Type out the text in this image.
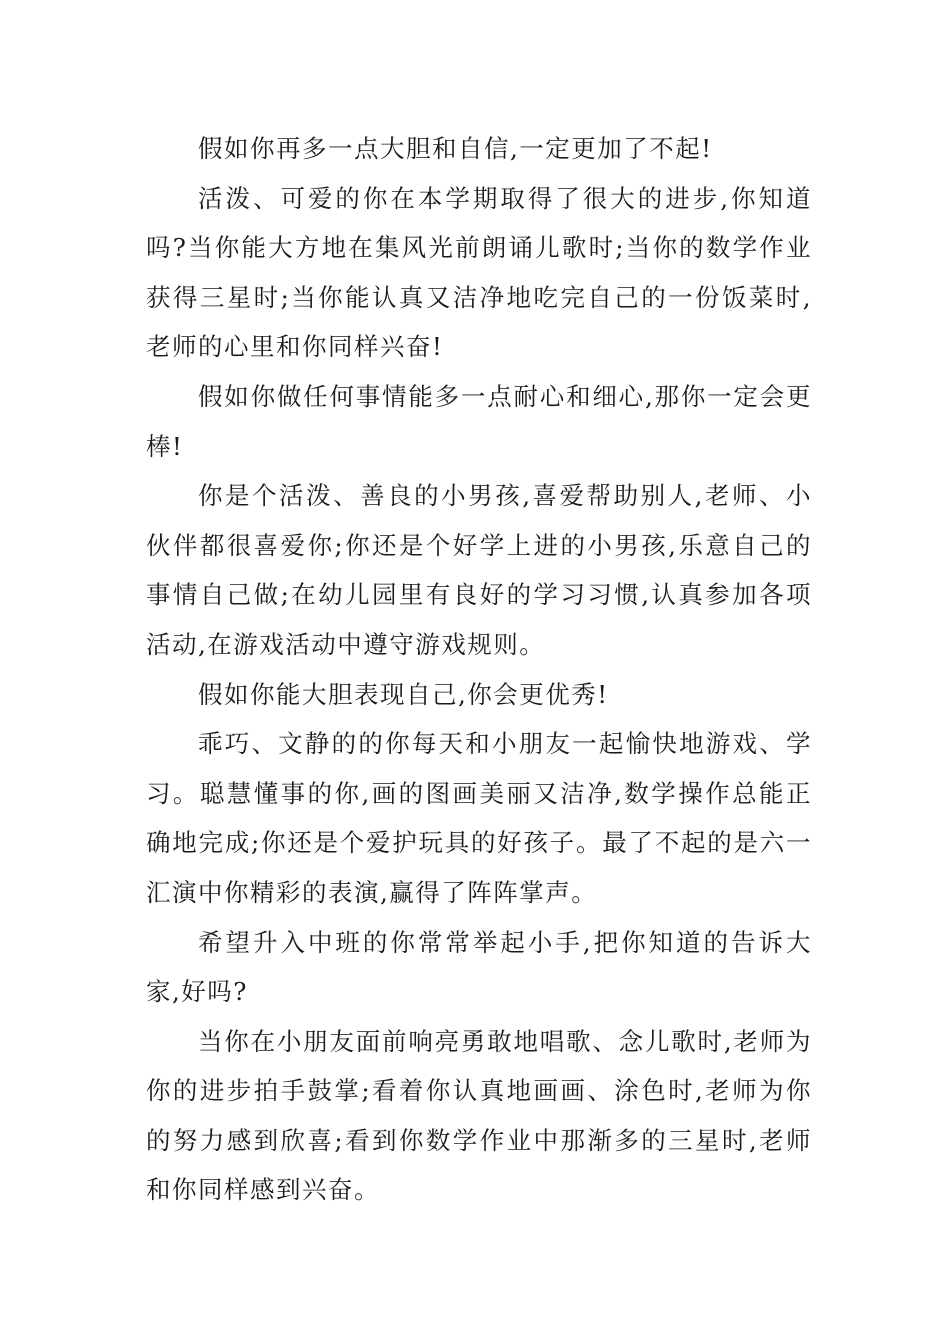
假如你再多一点大胆和自信,一定更加了不起!

活泼、可爱的你在本学期取得了很大的进步,你知道吗?当你能大方地在集风光前朗诵儿歌时;当你的数学作业获得三星时;当你能认真又洁净地吃完自己的一份饭菜时,老师的心里和你同样兴奋!

假如你做任何事情能多一点耐心和细心,那你一定会更棒!

你是个活泼、善良的小男孩,喜爱帮助别人,老师、小伙伴都很喜爱你;你还是个好学上进的小男孩,乐意自己的事情自己做;在幼儿园里有良好的学习习惯,认真参加各项活动,在游戏活动中遵守游戏规则。

假如你能大胆表现自己,你会更优秀!

乖巧、文静的的你每天和小朋友一起愉快地游戏、学习。聪慧懂事的你,画的图画美丽又洁净,数学操作总能正确地完成;你还是个爱护玩具的好孩子。最了不起的是六一汇演中你精彩的表演,赢得了阵阵掌声。

希望升入中班的你常常举起小手,把你知道的告诉大家,好吗?

当你在小朋友面前响亮勇敢地唱歌、念儿歌时,老师为你的进步拍手鼓掌;看着你认真地画画、涂色时,老师为你的努力感到欣喜;看到你数学作业中那渐多的三星时,老师和你同样感到兴奋。
